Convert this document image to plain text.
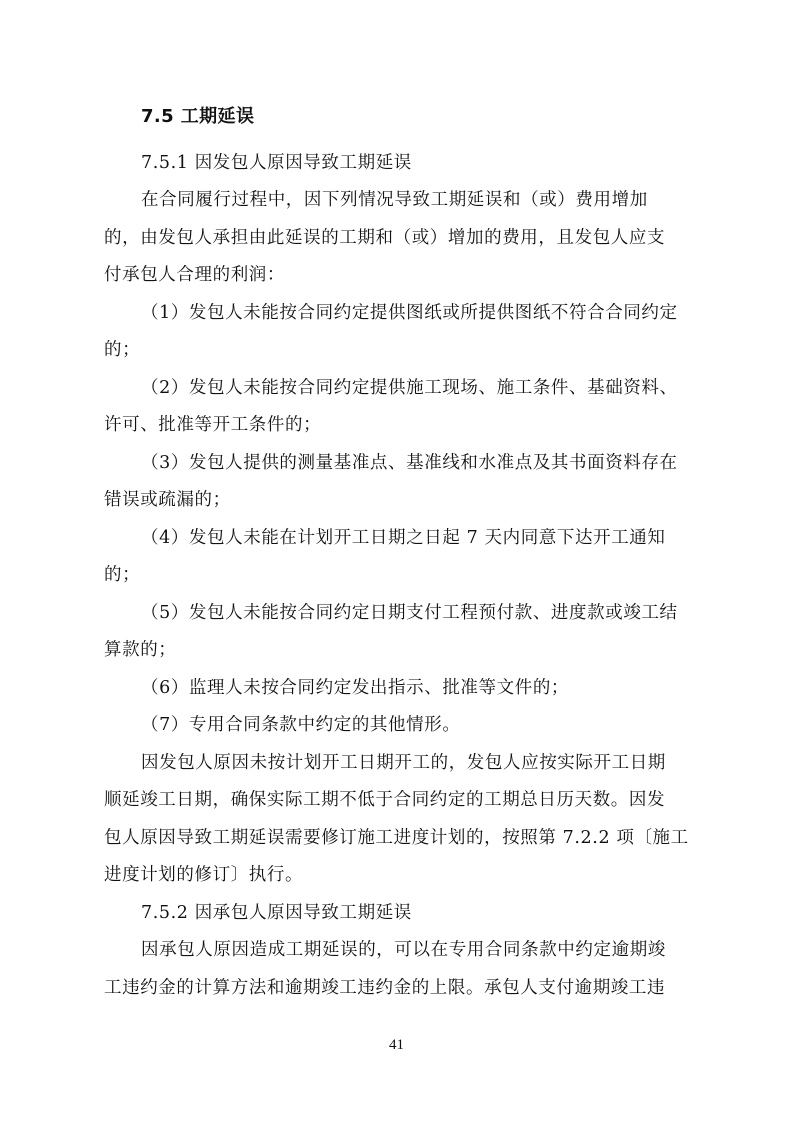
7.5 工期延误
7.5.1 因发包人原因导致工期延误
在合同履行过程中，因下列情况导致工期延误和（或）费用增加
的，由发包人承担由此延误的工期和（或）增加的费用，且发包人应支
付承包人合理的利润：
（1）发包人未能按合同约定提供图纸或所提供图纸不符合合同约定
的；
（2）发包人未能按合同约定提供施工现场、施工条件、基础资料、
许可、批准等开工条件的；
（3）发包人提供的测量基准点、基准线和水准点及其书面资料存在
错误或疏漏的；
（4）发包人未能在计划开工日期之日起 7 天内同意下达开工通知
的；
（5）发包人未能按合同约定日期支付工程预付款、进度款或竣工结
算款的；
（6）监理人未按合同约定发出指示、批准等文件的；
（7）专用合同条款中约定的其他情形。
因发包人原因未按计划开工日期开工的，发包人应按实际开工日期
顺延竣工日期，确保实际工期不低于合同约定的工期总日历天数。因发
包人原因导致工期延误需要修订施工进度计划的，按照第 7.2.2 项〔施工
进度计划的修订〕执行。
7.5.2 因承包人原因导致工期延误
因承包人原因造成工期延误的，可以在专用合同条款中约定逾期竣
工违约金的计算方法和逾期竣工违约金的上限。承包人支付逾期竣工违
41
